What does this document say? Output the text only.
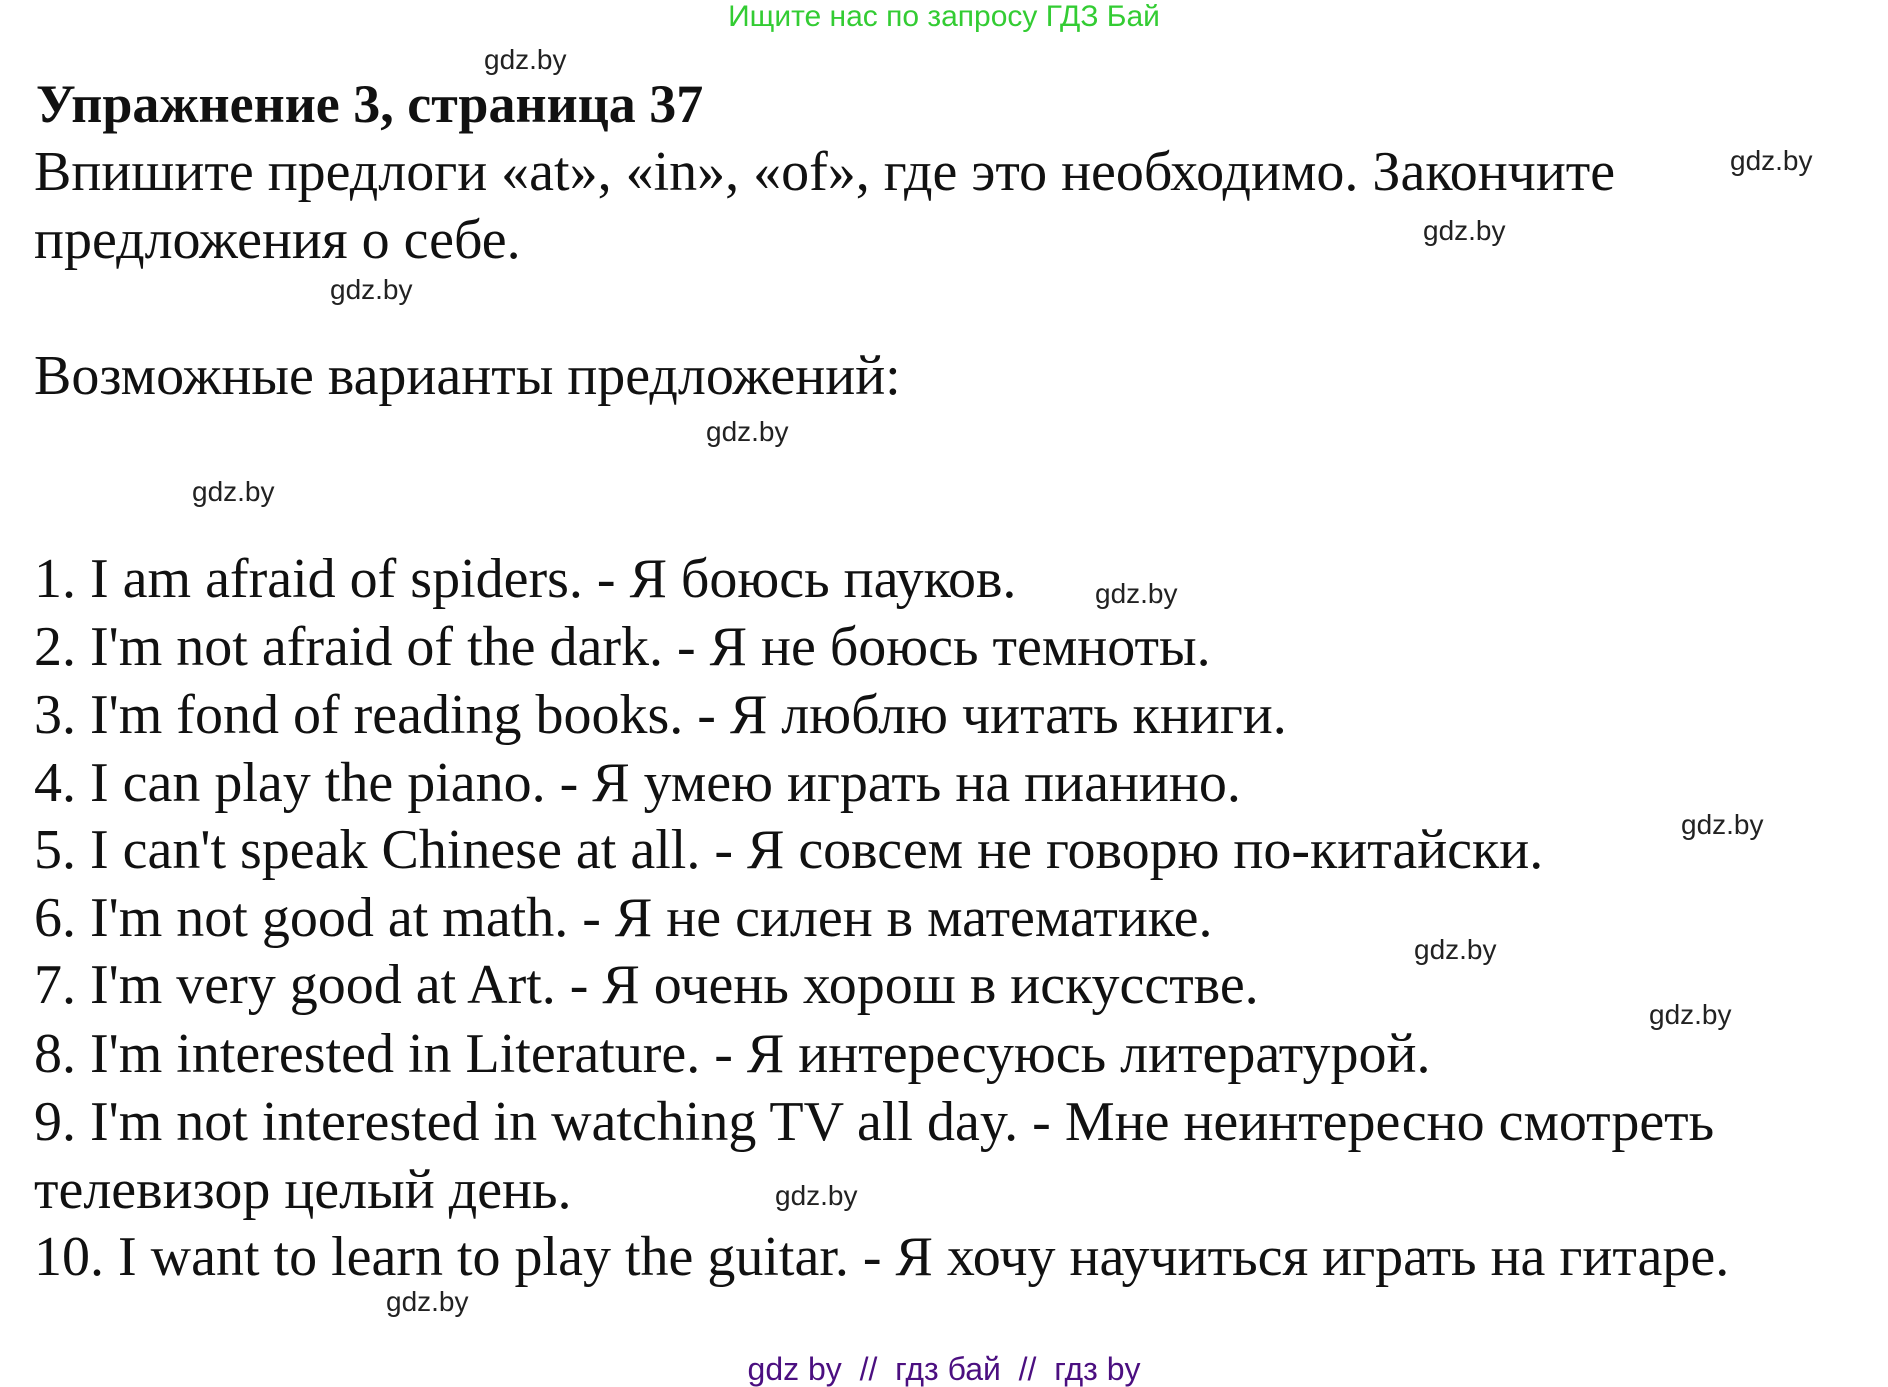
Ищите нас по запросу ГДЗ Бай
Упражнение 3, страница 37
Впишите предлоги «at», «in», «of», где это необходимо. Закончите
предложения о себе.
Возможные варианты предложений:
1. I am afraid of spiders. - Я боюсь пауков.
2. I'm not afraid of the dark. - Я не боюсь темноты.
3. I'm fond of reading books. - Я люблю читать книги.
4. I can play the piano. - Я умею играть на пианино.
5. I can't speak Chinese at all. - Я совсем не говорю по-китайски.
6. I'm not good at math. - Я не силен в математике.
7. I'm very good at Art. - Я очень хорош в искусстве.
8. I'm interested in Literature. - Я интересуюсь литературой.
9. I'm not interested in watching TV all day. - Мне неинтересно смотреть
телевизор целый день.
10. I want to learn to play the guitar. - Я хочу научиться играть на гитаре.
gdz.by
gdz.by
gdz.by
gdz.by
gdz.by
gdz.by
gdz.by
gdz.by
gdz.by
gdz.by
gdz.by
gdz.by
gdz by  //  гдз бай  //  гдз by
